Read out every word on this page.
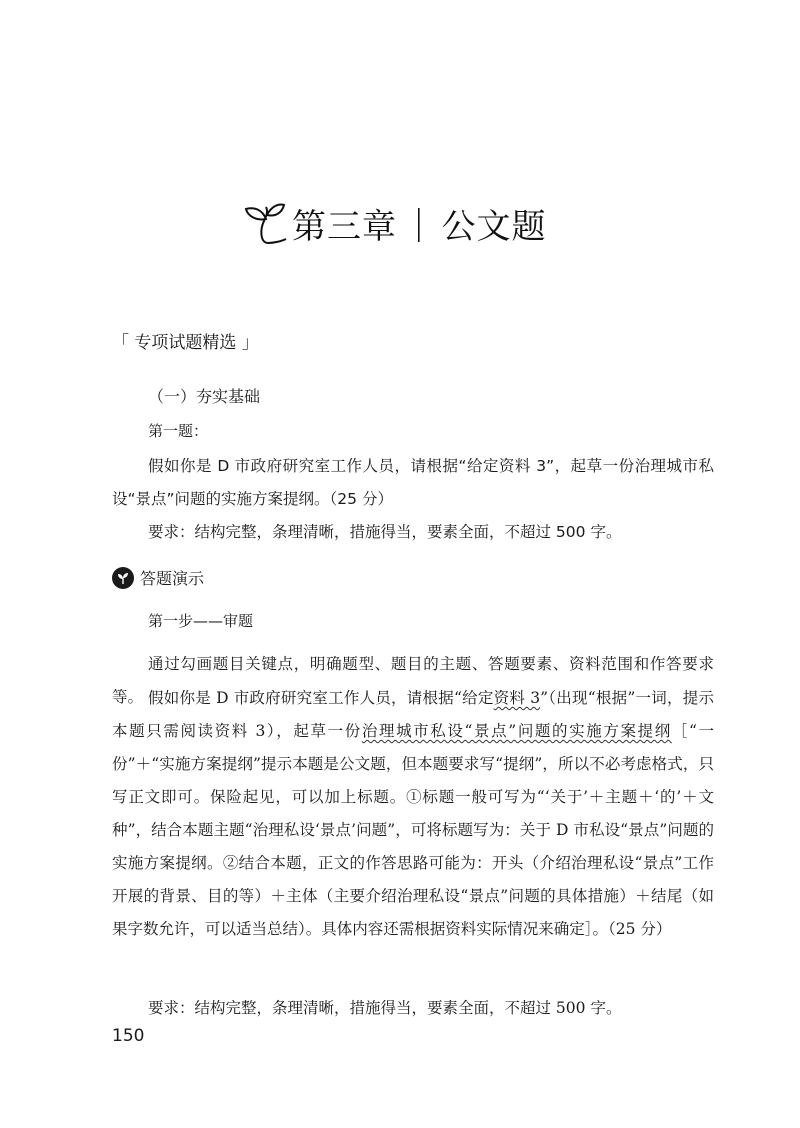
第三章 | 公文题
「 专项试题精选 」
（一）夯实基础
第一题：
假如你是 D 市政府研究室工作人员，请根据“给定资料 3”，起草一份治理城市私设“景点”问题的实施方案提纲。（25 分）
要求：结构完整，条理清晰，措施得当，要素全面，不超过 500 字。
答题演示
第一步——审题
通过勾画题目关键点，明确题型、题目的主题、答题要素、资料范围和作答要求等。 假如你是 D 市政府研究室工作人员，请根据“给定资料 3”（出现“根据”一词，提示本题只需阅读资料 3），起草一份治理城市私设“景点”问题的实施方案提纲［“一份”＋“实施方案提纲”提示本题是公文题，但本题要求写“提纲”，所以不必考虑格式，只写正文即可。保险起见，可以加上标题。①标题一般可写为“‘关于’＋主题＋‘的’＋文种”，结合本题主题“治理私设‘景点’问题”，可将标题写为：关于 D 市私设“景点”问题的实施方案提纲。②结合本题，正文的作答思路可能为：开头（介绍治理私设“景点”工作开展的背景、目的等）＋主体（主要介绍治理私设“景点”问题的具体措施）＋结尾（如果字数允许，可以适当总结）。具体内容还需根据资料实际情况来确定］。（25 分）
要求：结构完整，条理清晰，措施得当，要素全面，不超过 500 字。
150
